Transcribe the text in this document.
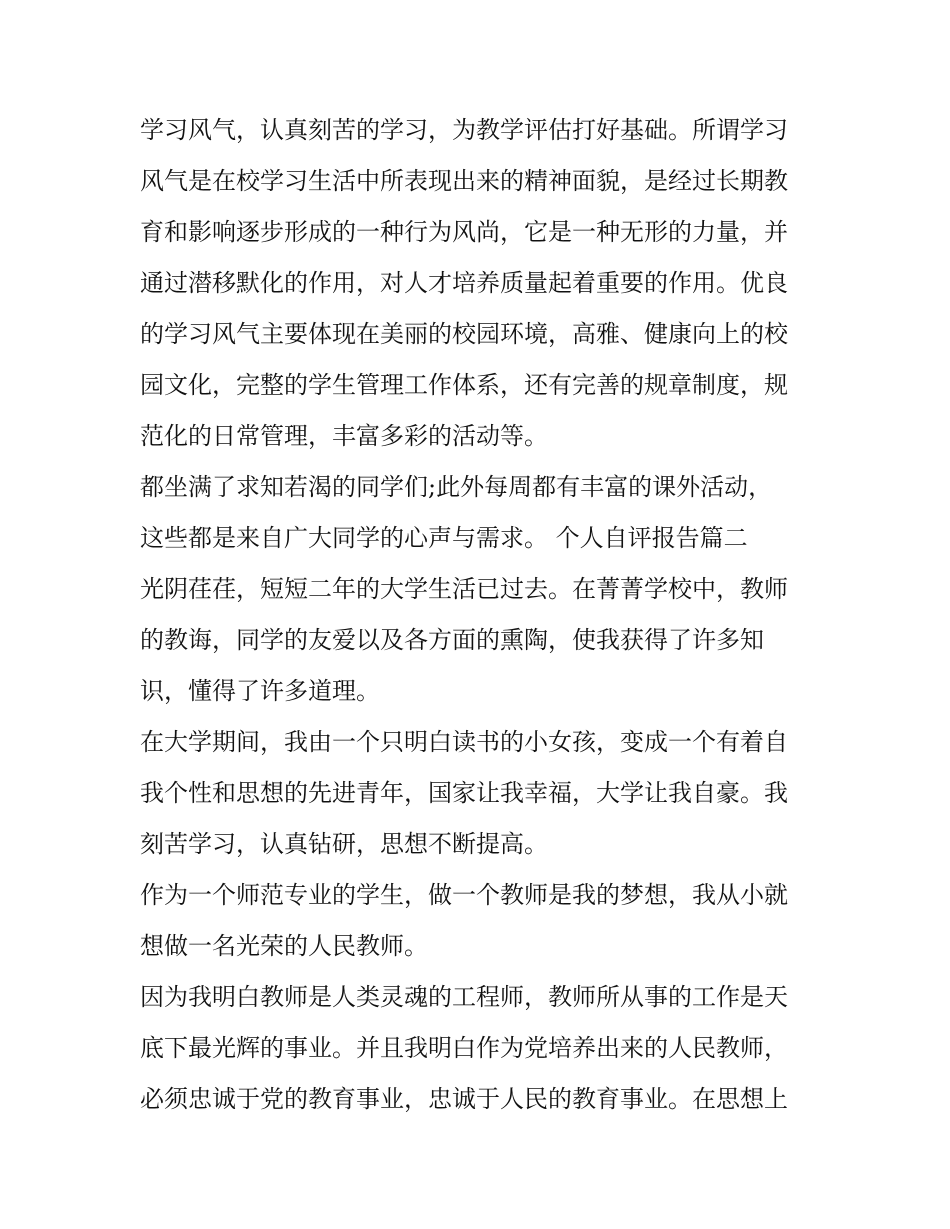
学习风气，认真刻苦的学习，为教学评估打好基础。所谓学习
风气是在校学习生活中所表现出来的精神面貌，是经过长期教
育和影响逐步形成的一种行为风尚，它是一种无形的力量，并
通过潜移默化的作用，对人才培养质量起着重要的作用。优良
的学习风气主要体现在美丽的校园环境，高雅、健康向上的校
园文化，完整的学生管理工作体系，还有完善的规章制度，规
范化的日常管理，丰富多彩的活动等。
都坐满了求知若渴的同学们;此外每周都有丰富的课外活动，
这些都是来自广大同学的心声与需求。 个人自评报告篇二
光阴荏荏，短短二年的大学生活已过去。在菁菁学校中，教师
的教诲，同学的友爱以及各方面的熏陶，使我获得了许多知
识，懂得了许多道理。
在大学期间，我由一个只明白读书的小女孩，变成一个有着自
我个性和思想的先进青年，国家让我幸福，大学让我自豪。我
刻苦学习，认真钻研，思想不断提高。
作为一个师范专业的学生，做一个教师是我的梦想，我从小就
想做一名光荣的人民教师。
因为我明白教师是人类灵魂的工程师，教师所从事的工作是天
底下最光辉的事业。并且我明白作为党培养出来的人民教师，
必须忠诚于党的教育事业，忠诚于人民的教育事业。在思想上
